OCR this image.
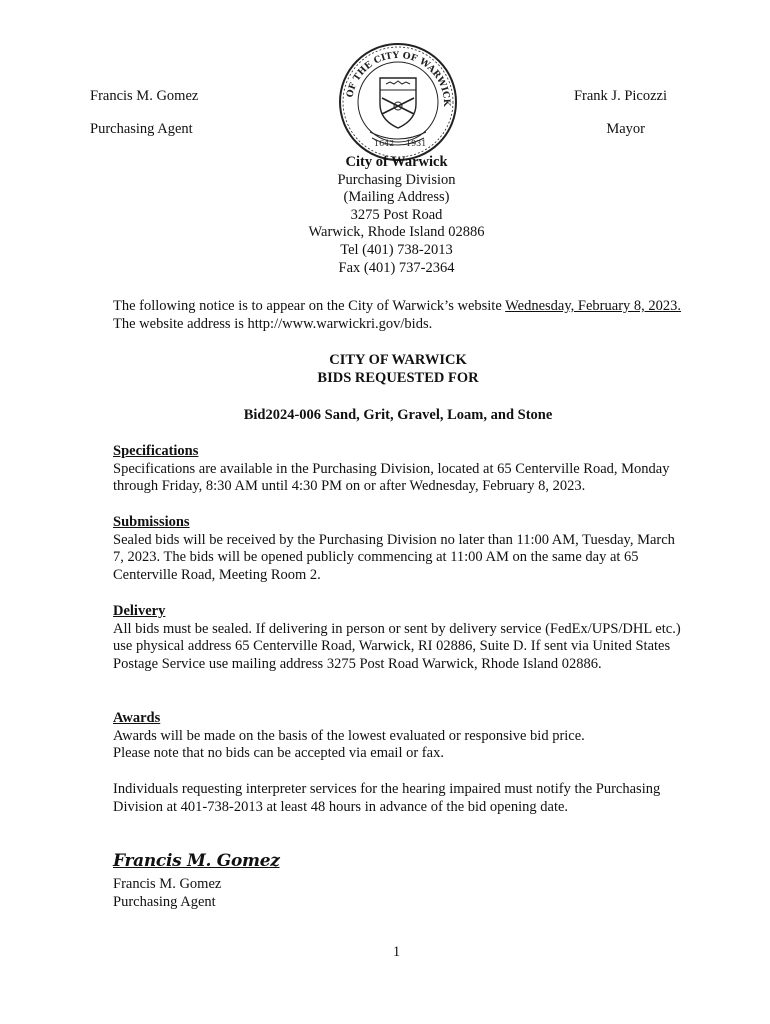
Francis M. Gomez
Purchasing Agent
Frank J. Picozzi
Mayor
OF THE CITY OF WARWICK
1642 1931
City of Warwick
Purchasing Division
(Mailing Address)
3275 Post Road
Warwick, Rhode Island 02886
Tel (401) 738-2013
Fax (401) 737-2364

The following notice is to appear on the City of Warwick’s website Wednesday, February 8, 2023. The website address is http://www.warwickri.gov/bids.

CITY OF WARWICK
BIDS REQUESTED FOR
Bid2024-006 Sand, Grit, Gravel, Loam, and Stone
Specifications

Specifications are available in the Purchasing Division, located at 65 Centerville Road, Monday through Friday, 8:30 AM until 4:30 PM on or after Wednesday, February 8, 2023.

Submissions

Sealed bids will be received by the Purchasing Division no later than 11:00 AM, Tuesday, March 7, 2023. The bids will be opened publicly commencing at 11:00 AM on the same day at 65 Centerville Road, Meeting Room 2.

Delivery

All bids must be sealed. If delivering in person or sent by delivery service (FedEx/UPS/DHL etc.) use physical address 65 Centerville Road, Warwick, RI 02886, Suite D. If sent via United States Postage Service use mailing address 3275 Post Road Warwick, Rhode Island 02886.

Awards
Awards will be made on the basis of the lowest evaluated or responsive bid price.
Please note that no bids can be accepted via email or fax.

Individuals requesting interpreter services for the hearing impaired must notify the Purchasing Division at 401-738-2013 at least 48 hours in advance of the bid opening date.

Francis M. Gomez
Francis M. Gomez
Purchasing Agent
1
